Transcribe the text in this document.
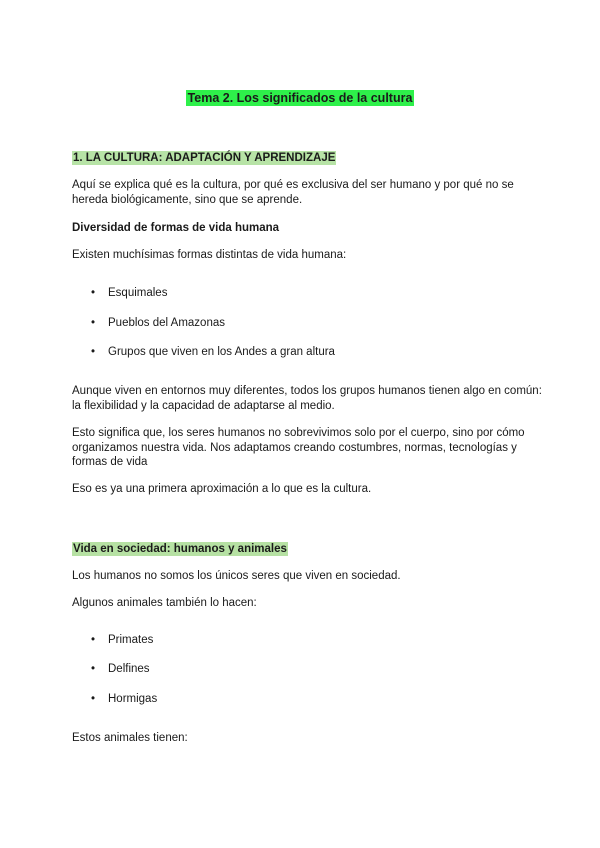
Tema 2. Los significados de la cultura
1. LA CULTURA: ADAPTACIÓN Y APRENDIZAJE
Aquí se explica qué es la cultura, por qué es exclusiva del ser humano y por qué no se
hereda biológicamente, sino que se aprende.
Diversidad de formas de vida humana
Existen muchísimas formas distintas de vida humana:
•
Esquimales
•
Pueblos del Amazonas
•
Grupos que viven en los Andes a gran altura
Aunque viven en entornos muy diferentes, todos los grupos humanos tienen algo en común:
la flexibilidad y la capacidad de adaptarse al medio.
Esto significa que, los seres humanos no sobrevivimos solo por el cuerpo, sino por cómo
organizamos nuestra vida. Nos adaptamos creando costumbres, normas, tecnologías y
formas de vida
Eso es ya una primera aproximación a lo que es la cultura.
Vida en sociedad: humanos y animales
Los humanos no somos los únicos seres que viven en sociedad.
Algunos animales también lo hacen:
•
Primates
•
Delfines
•
Hormigas
Estos animales tienen:
